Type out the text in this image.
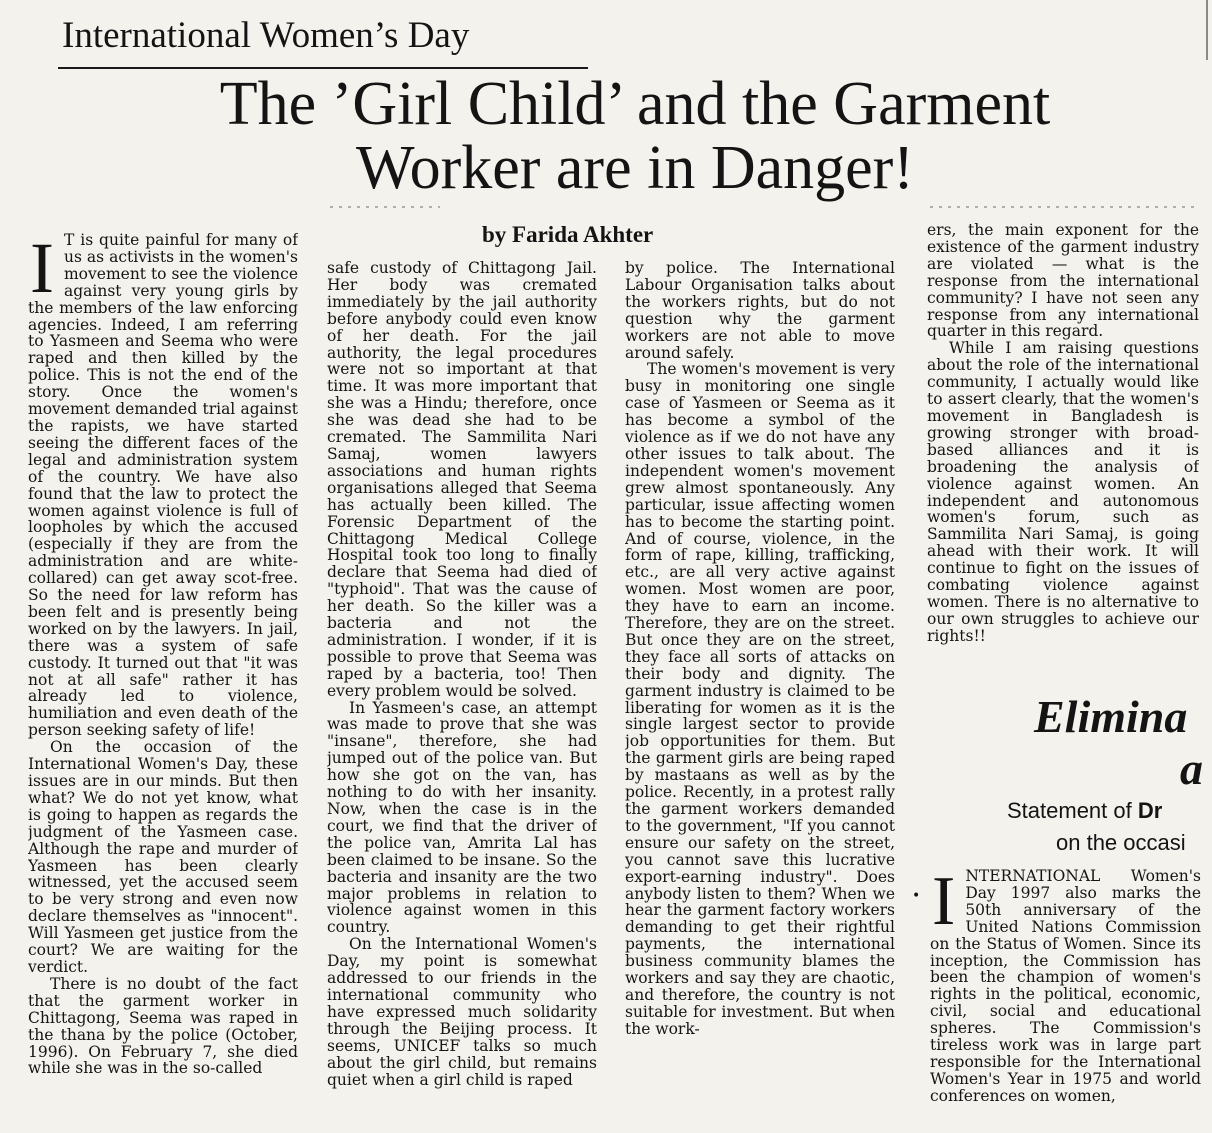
International Women’s Day
The ’Girl Child’ and the Garment
Worker are in Danger!
by Farida Akhter
I T is quite painful for many of us as activists in the women's movement to see the violence against very young girls by the members of the law enforcing agencies. Indeed, I am referring to Yasmeen and Seema who were raped and then killed by the police. This is not the end of the story. Once the women's movement demanded trial against the rapists, we have started seeing the different faces of the legal and administration system of the country. We have also found that the law to protect the women against violence is full of loopholes by which the accused (especially if they are from the administration and are white-collared) can get away scot-free. So the need for law reform has been felt and is presently being worked on by the lawyers. In jail, there was a system of safe custody. It turned out that "it was not at all safe" rather it has already led to violence, humiliation and even death of the person seeking safety of life!

On the occasion of the International Women's Day, these issues are in our minds. But then what? We do not yet know, what is going to happen as regards the judgment of the Yasmeen case. Although the rape and murder of Yasmeen has been clearly witnessed, yet the accused seem to be very strong and even now declare themselves as "innocent". Will Yasmeen get justice from the court? We are waiting for the verdict.

There is no doubt of the fact that the garment worker in Chittagong, Seema was raped in the thana by the police (October, 1996). On February 7, she died while she was in the so-called

safe custody of Chittagong Jail. Her body was cremated immediately by the jail authority before anybody could even know of her death. For the jail authority, the legal procedures were not so important at that time. It was more important that she was a Hindu; therefore, once she was dead she had to be cremated. The Sammilita Nari Samaj, women lawyers associations and human rights organisations alleged that Seema has actually been killed. The Forensic Department of the Chittagong Medical College Hospital took too long to finally declare that Seema had died of "typhoid". That was the cause of her death. So the killer was a bacteria and not the administration. I wonder, if it is possible to prove that Seema was raped by a bacteria, too! Then every problem would be solved.

In Yasmeen's case, an attempt was made to prove that she was "insane", therefore, she had jumped out of the police van. But how she got on the van, has nothing to do with her insanity. Now, when the case is in the court, we find that the driver of the police van, Amrita Lal has been claimed to be insane. So the bacteria and insanity are the two major problems in relation to violence against women in this country.

On the International Women's Day, my point is somewhat addressed to our friends in the international community who have expressed much solidarity through the Beijing process. It seems, UNICEF talks so much about the girl child, but remains quiet when a girl child is raped

by police. The International Labour Organisation talks about the workers rights, but do not question why the garment workers are not able to move around safely.

The women's movement is very busy in monitoring one single case of Yasmeen or Seema as it has become a symbol of the violence as if we do not have any other issues to talk about. The independent women's movement grew almost spontaneously. Any particular, issue affecting women has to become the starting point. And of course, violence, in the form of rape, killing, trafficking, etc., are all very active against women. Most women are poor, they have to earn an income. Therefore, they are on the street. But once they are on the street, they face all sorts of attacks on their body and dignity. The garment industry is claimed to be liberating for women as it is the single largest sector to provide job opportunities for them. But the garment girls are being raped by mastaans as well as by the police. Recently, in a protest rally the garment workers demanded to the government, "If you cannot ensure our safety on the street, you cannot save this lucrative export-earning industry". Does anybody listen to them? When we hear the garment factory workers demanding to get their rightful payments, the international business community blames the workers and say they are chaotic, and therefore, the country is not suitable for investment. But when the work-

ers, the main exponent for the existence of the garment industry are violated — what is the response from the international community? I have not seen any response from any international quarter in this regard.

While I am raising questions about the role of the international community, I actually would like to assert clearly, that the women's movement in Bangladesh is growing stronger with broad-based alliances and it is broadening the analysis of violence against women. An independent and autonomous women's forum, such as Sammilita Nari Samaj, is going ahead with their work. It will continue to fight on the issues of combating violence against women. There is no alternative to our own struggles to achieve our rights!!

Eliminɑ
a
Statement of Dr
on the occasi
• I NTERNATIONAL Women's Day 1997 also marks the 50th anniversary of the United Nations Commission on the Status of Women. Since its inception, the Commission has been the champion of women's rights in the political, economic, civil, social and educational spheres. The Commission's tireless work was in large part responsible for the International Women's Year in 1975 and world conferences on women,
